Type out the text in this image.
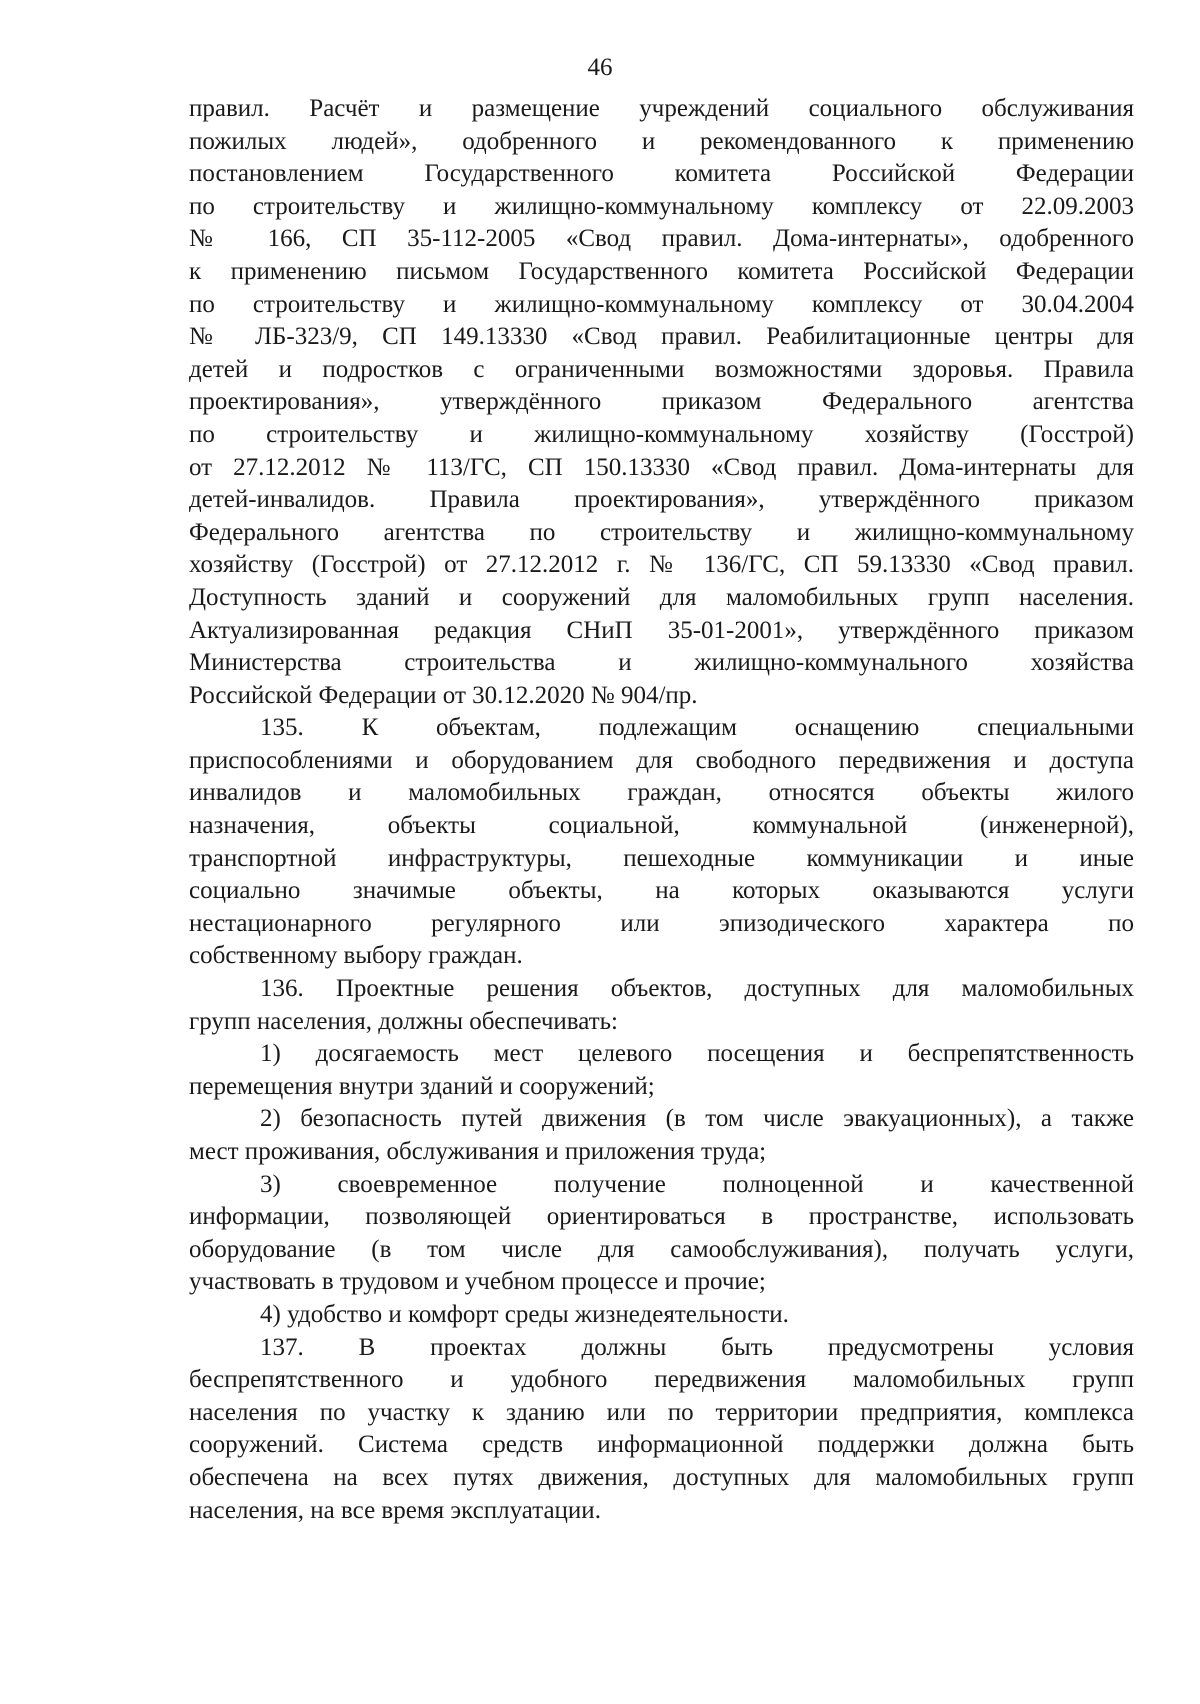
46
правил. Расчёт и размещение учреждений социального обслуживания
пожилых людей», одобренного и рекомендованного к применению
постановлением Государственного комитета Российской Федерации
по строительству и жилищно-коммунальному комплексу от 22.09.2003
№ 166, СП 35-112-2005 «Свод правил. Дома-интернаты», одобренного
к применению письмом Государственного комитета Российской Федерации
по строительству и жилищно-коммунальному комплексу от 30.04.2004
№ ЛБ-323/9, СП 149.13330 «Свод правил. Реабилитационные центры для
детей и подростков с ограниченными возможностями здоровья. Правила
проектирования», утверждённого приказом Федерального агентства
по строительству и жилищно-коммунальному хозяйству (Госстрой)
от 27.12.2012 № 113/ГС, СП 150.13330 «Свод правил. Дома-интернаты для
детей-инвалидов. Правила проектирования», утверждённого приказом
Федерального агентства по строительству и жилищно-коммунальному
хозяйству (Госстрой) от 27.12.2012 г. № 136/ГС, СП 59.13330 «Свод правил.
Доступность зданий и сооружений для маломобильных групп населения.
Актуализированная редакция СНиП 35-01-2001», утверждённого приказом
Министерства строительства и жилищно-коммунального хозяйства
Российской Федерации от 30.12.2020 № 904/пр.
135. К объектам, подлежащим оснащению специальными
приспособлениями и оборудованием для свободного передвижения и доступа
инвалидов и маломобильных граждан, относятся объекты жилого
назначения, объекты социальной, коммунальной (инженерной),
транспортной инфраструктуры, пешеходные коммуникации и иные
социально значимые объекты, на которых оказываются услуги
нестационарного регулярного или эпизодического характера по
собственному выбору граждан.
136. Проектные решения объектов, доступных для маломобильных
групп населения, должны обеспечивать:
1) досягаемость мест целевого посещения и беспрепятственность
перемещения внутри зданий и сооружений;
2) безопасность путей движения (в том числе эвакуационных), а также
мест проживания, обслуживания и приложения труда;
3) своевременное получение полноценной и качественной
информации, позволяющей ориентироваться в пространстве, использовать
оборудование (в том числе для самообслуживания), получать услуги,
участвовать в трудовом и учебном процессе и прочие;
4) удобство и комфорт среды жизнедеятельности.
137. В проектах должны быть предусмотрены условия
беспрепятственного и удобного передвижения маломобильных групп
населения по участку к зданию или по территории предприятия, комплекса
сооружений. Система средств информационной поддержки должна быть
обеспечена на всех путях движения, доступных для маломобильных групп
населения, на все время эксплуатации.
